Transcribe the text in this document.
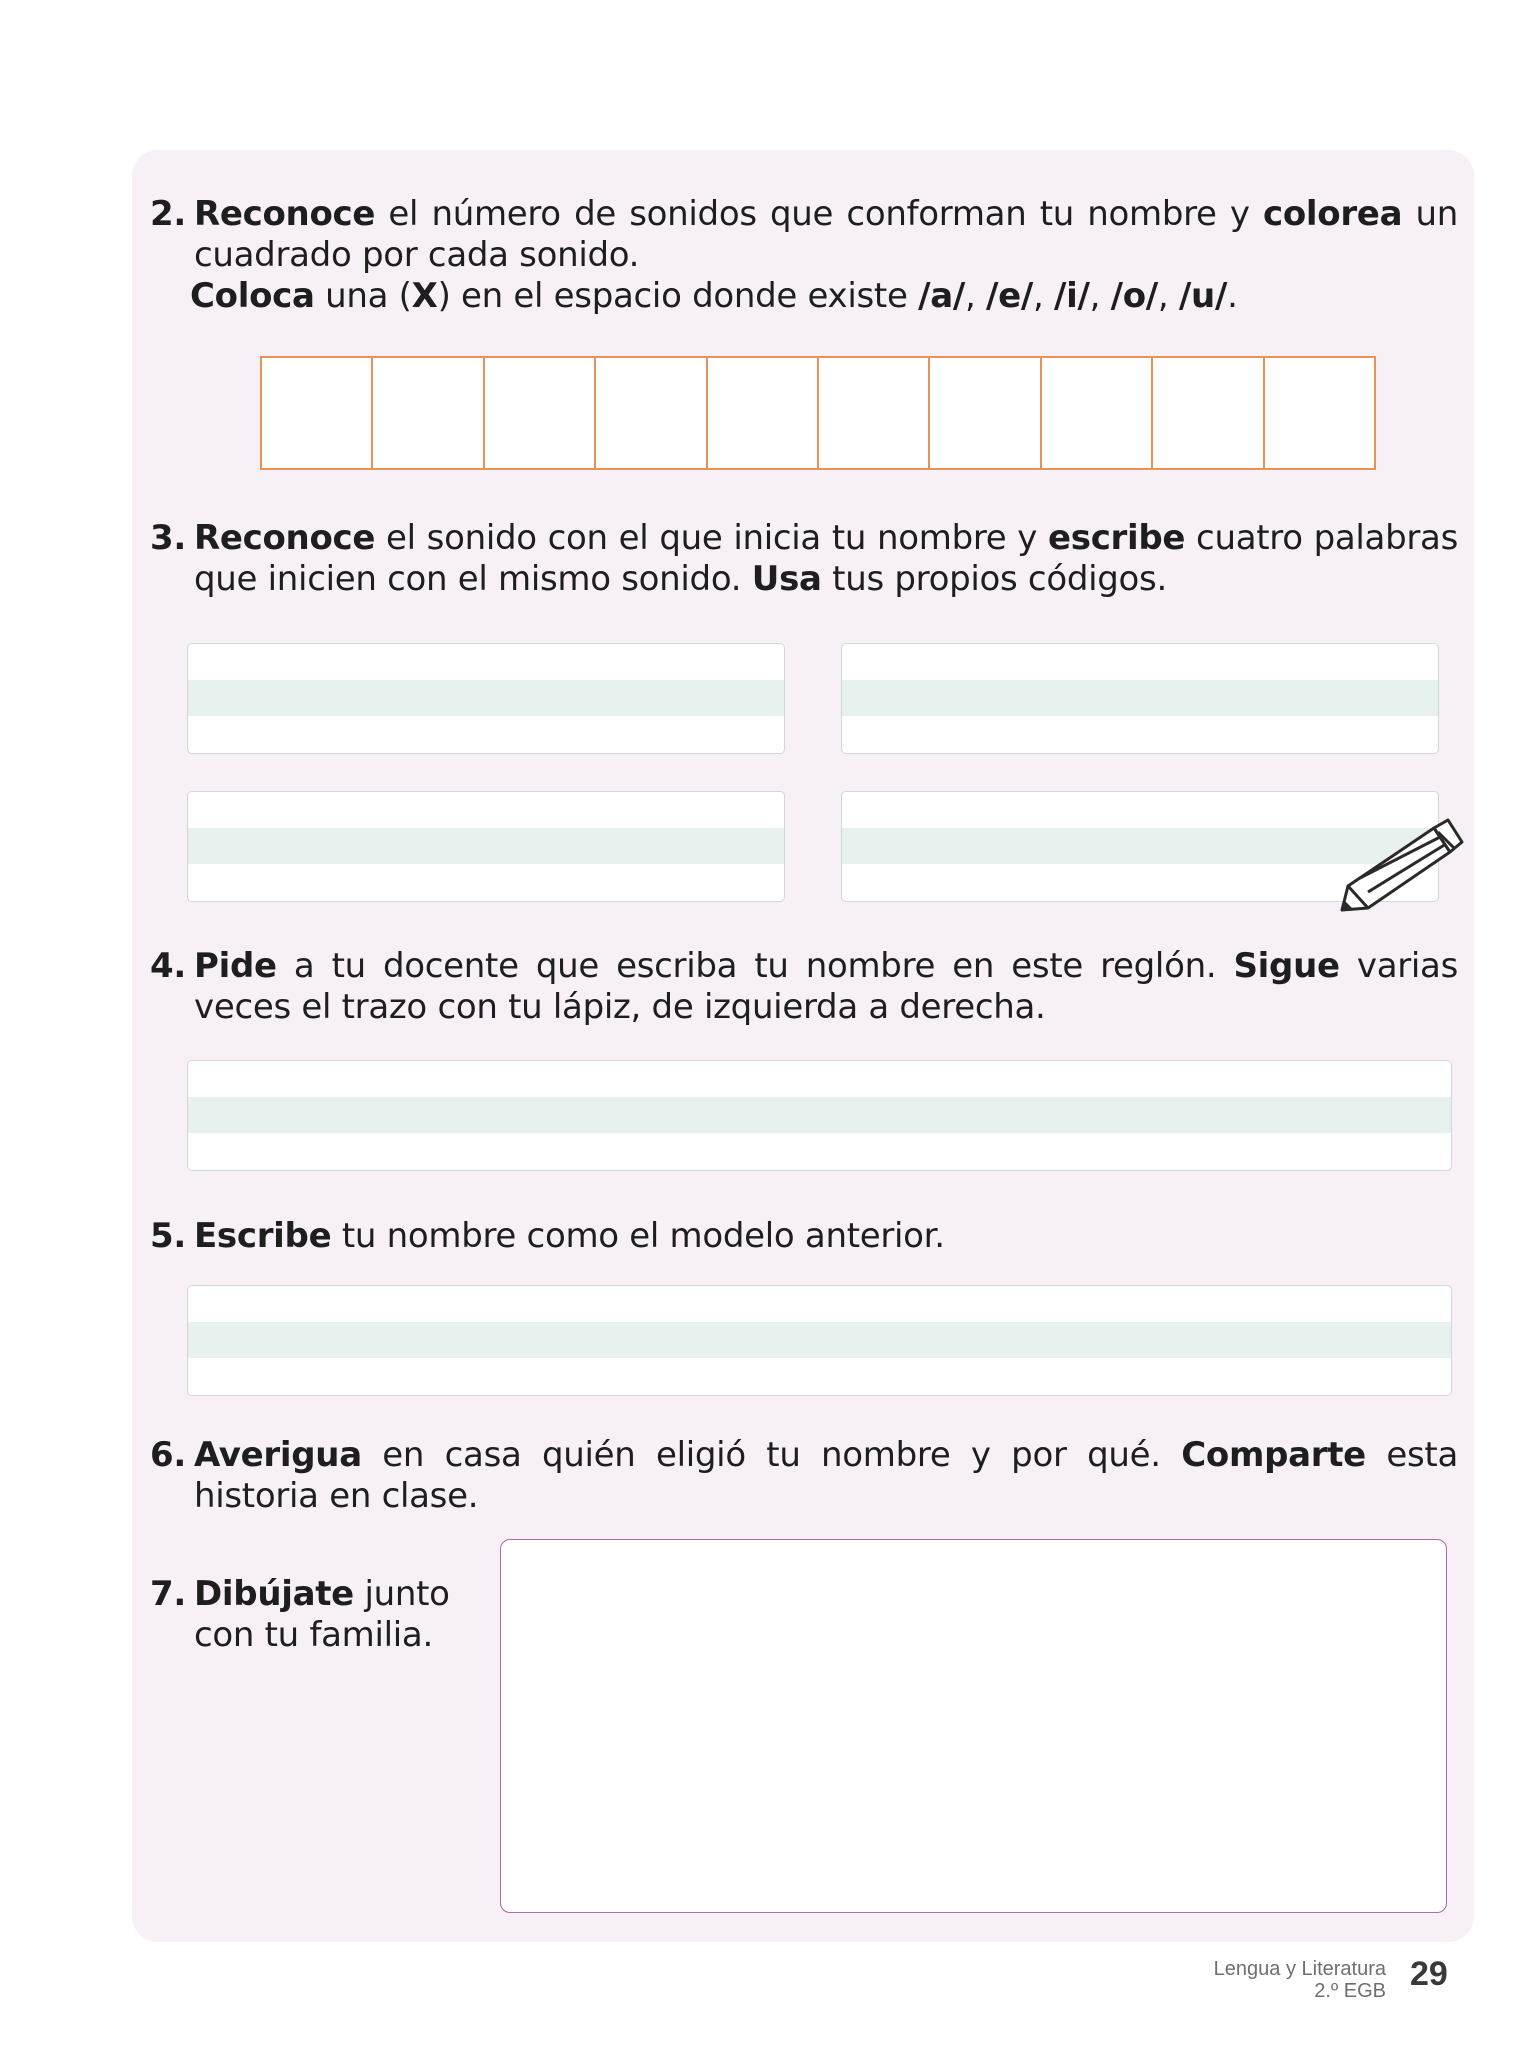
2. Reconoce el número de sonidos que conforman tu nombre y colorea un cuadrado por cada sonido.
Coloca una (X) en el espacio donde existe /a/, /e/, /i/, /o/, /u/.
3. Reconoce el sonido con el que inicia tu nombre y escribe cuatro palabras que inicien con el mismo sonido. Usa tus propios códigos.
4. Pide a tu docente que escriba tu nombre en este reglón. Sigue varias veces el trazo con tu lápiz, de izquierda a derecha.
5. Escribe tu nombre como el modelo anterior.
6. Averigua en casa quién eligió tu nombre y por qué. Comparte esta historia en clase.
7. Dibújate junto con tu familia.
Lengua y Literatura
2.º EGB 29
